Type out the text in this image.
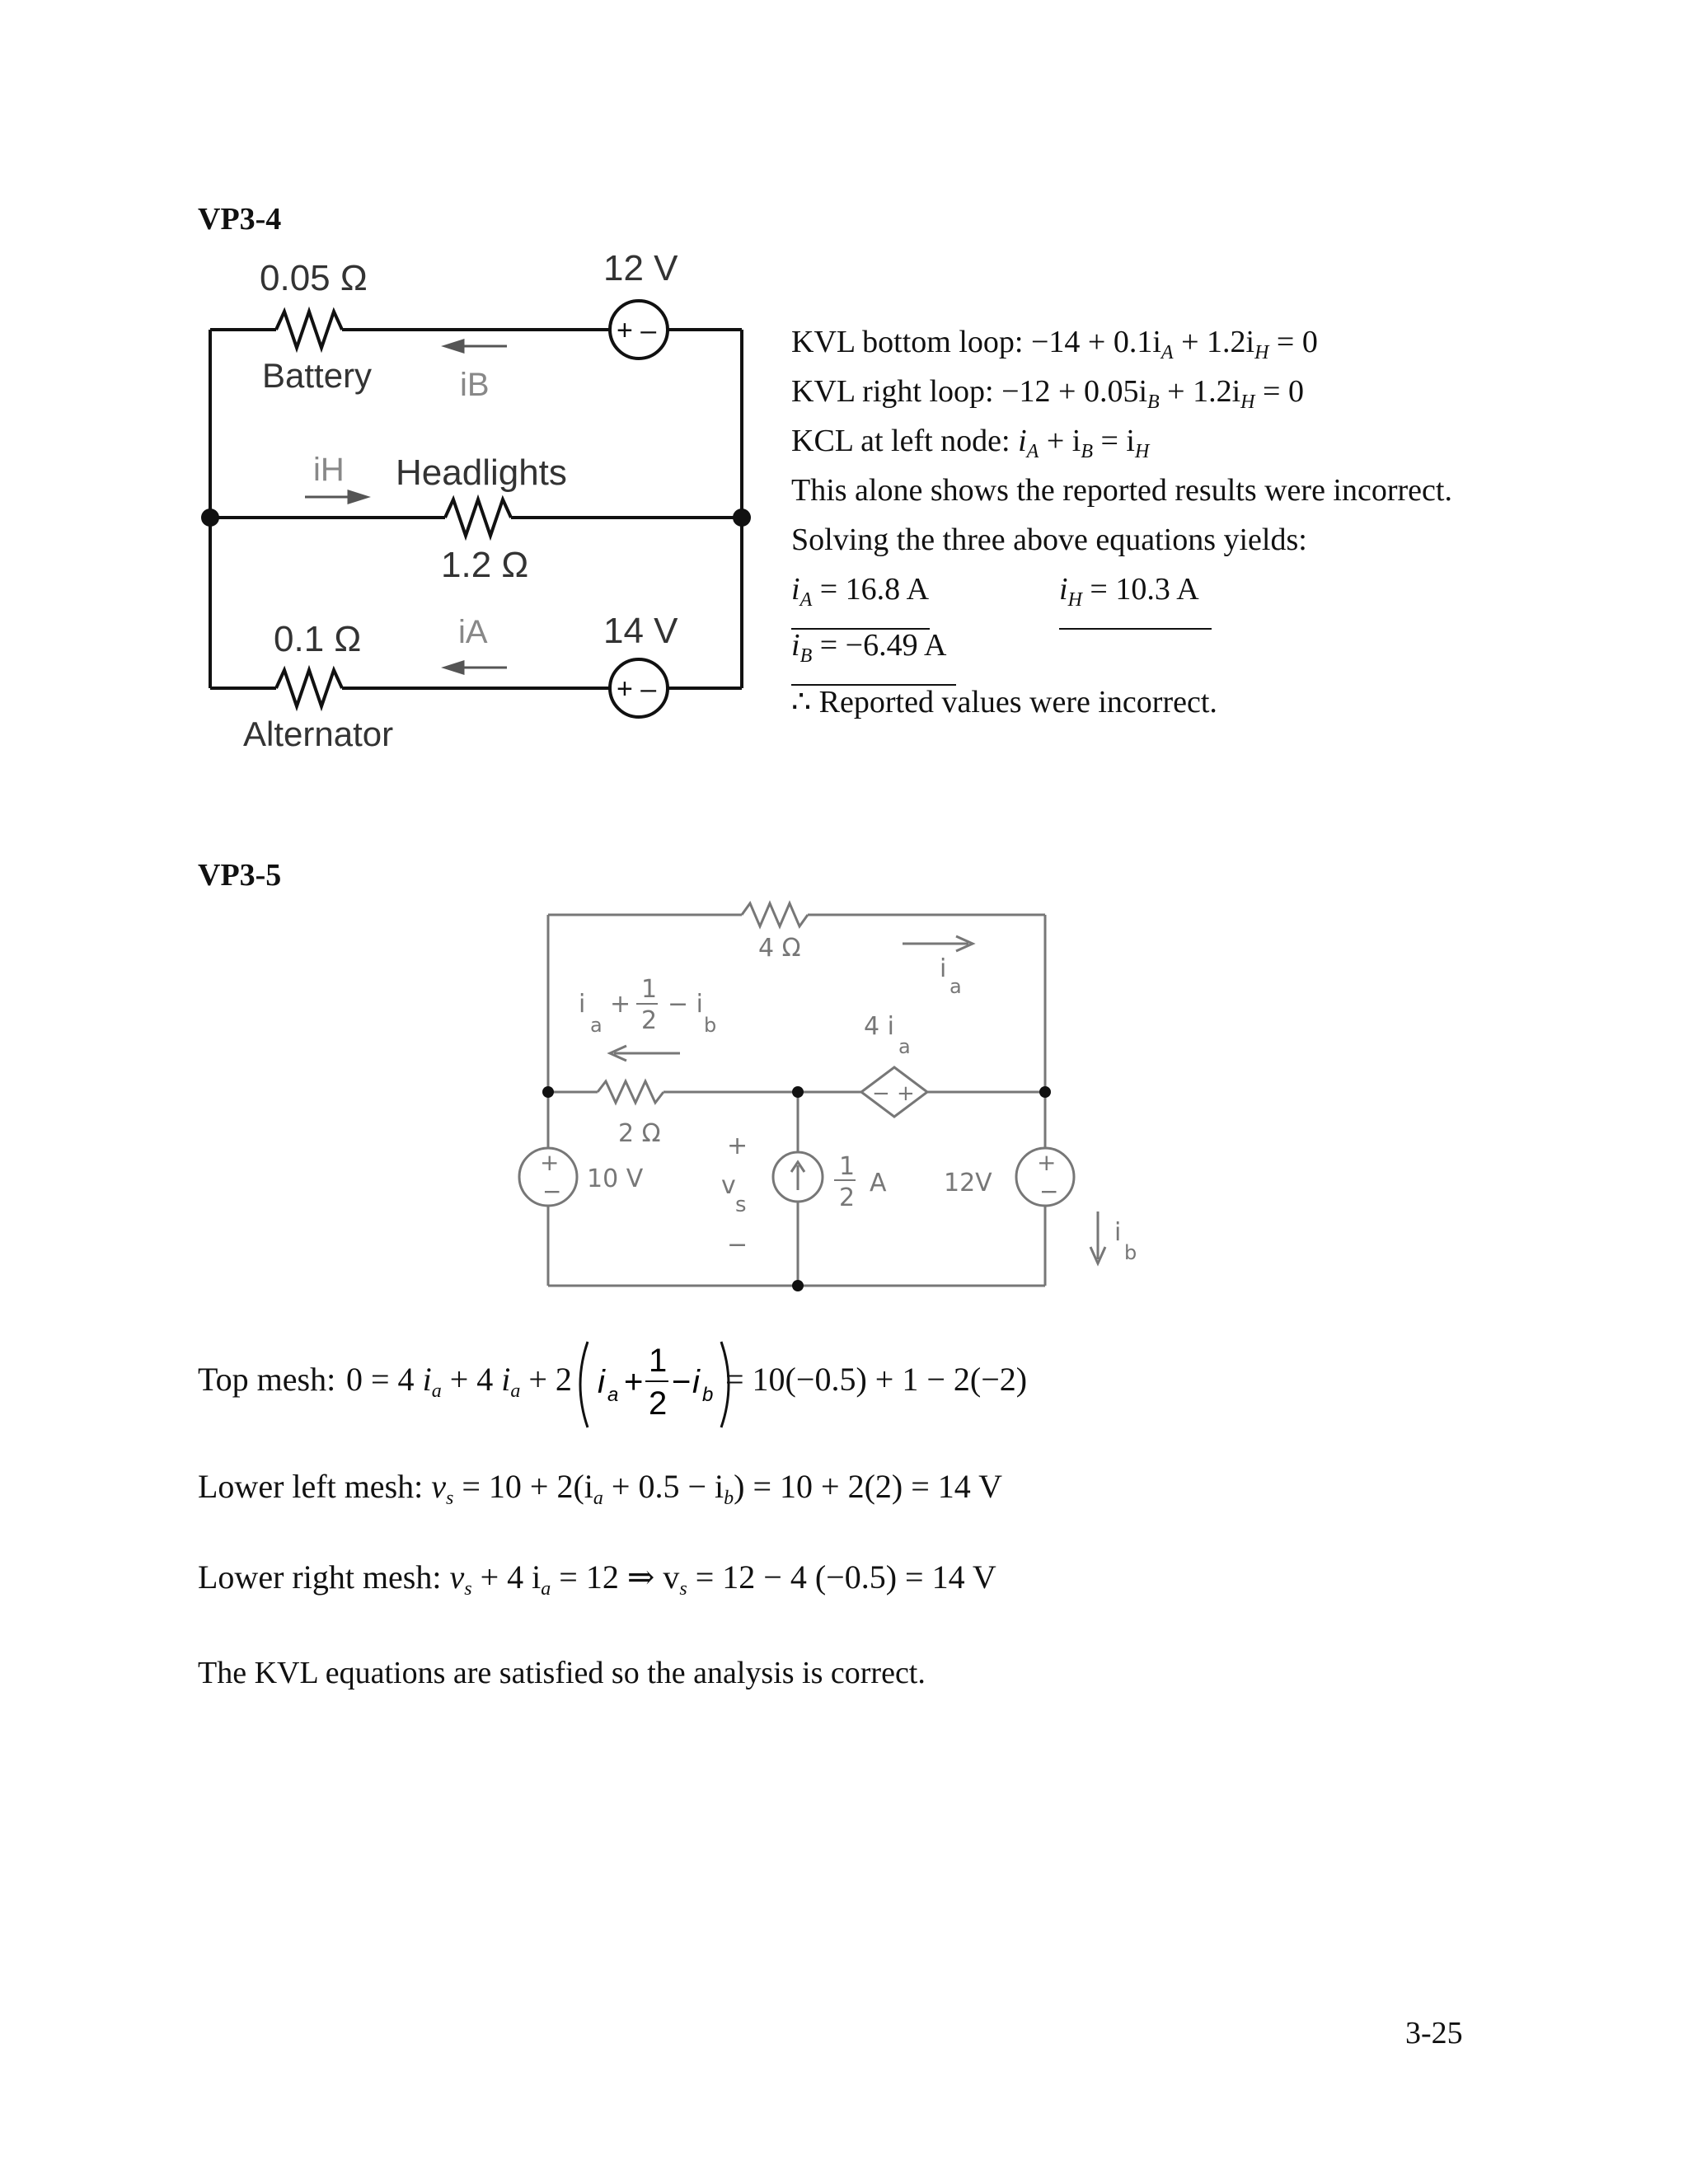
VP3-4
0.05 Ω
Battery
12 V
+ –
iB
iH Headlights
1.2 Ω
0.1 Ω	iA	14 V
+ –
Alternator
KVL bottom loop: $-14 + 0.1i_A + 1.2i_H = 0$
KVL right loop: $-12 + 0.05i_B + 1.2i_H = 0$
KCL at left node: $i_A + i_B = i_H$
This alone shows the reported results were incorrect.
Solving the three above equations yields:
$i_A = 16.8$ A	$i_H = 10.3$ A
$i_B = -6.49$ A
∴ Reported values were incorrect.
VP3-5
4 Ω
i
a
4 i
a
− +
i
a
+
1
2
− i
b
2 Ω
+
− 10 V
+
v
s
−
1
2
A 12V
+
−
i
b
Top mesh: 0 = 4 $i_a + 4$ $i_a + 2$ i a +
1
2
− i b = 10(−0.5) + 1 − 2(−2)
Lower left mesh: $v_s = 10 + 2(i_a + 0.5 - i_b) = 10 + 2(2) = 14$ V
Lower right mesh: $v_s + 4$ $i_a = 12$ ⇒ $v_s = 12 - 4$ (−0.5) = 14 V
The KVL equations are satisfied so the analysis is correct.
3-25
